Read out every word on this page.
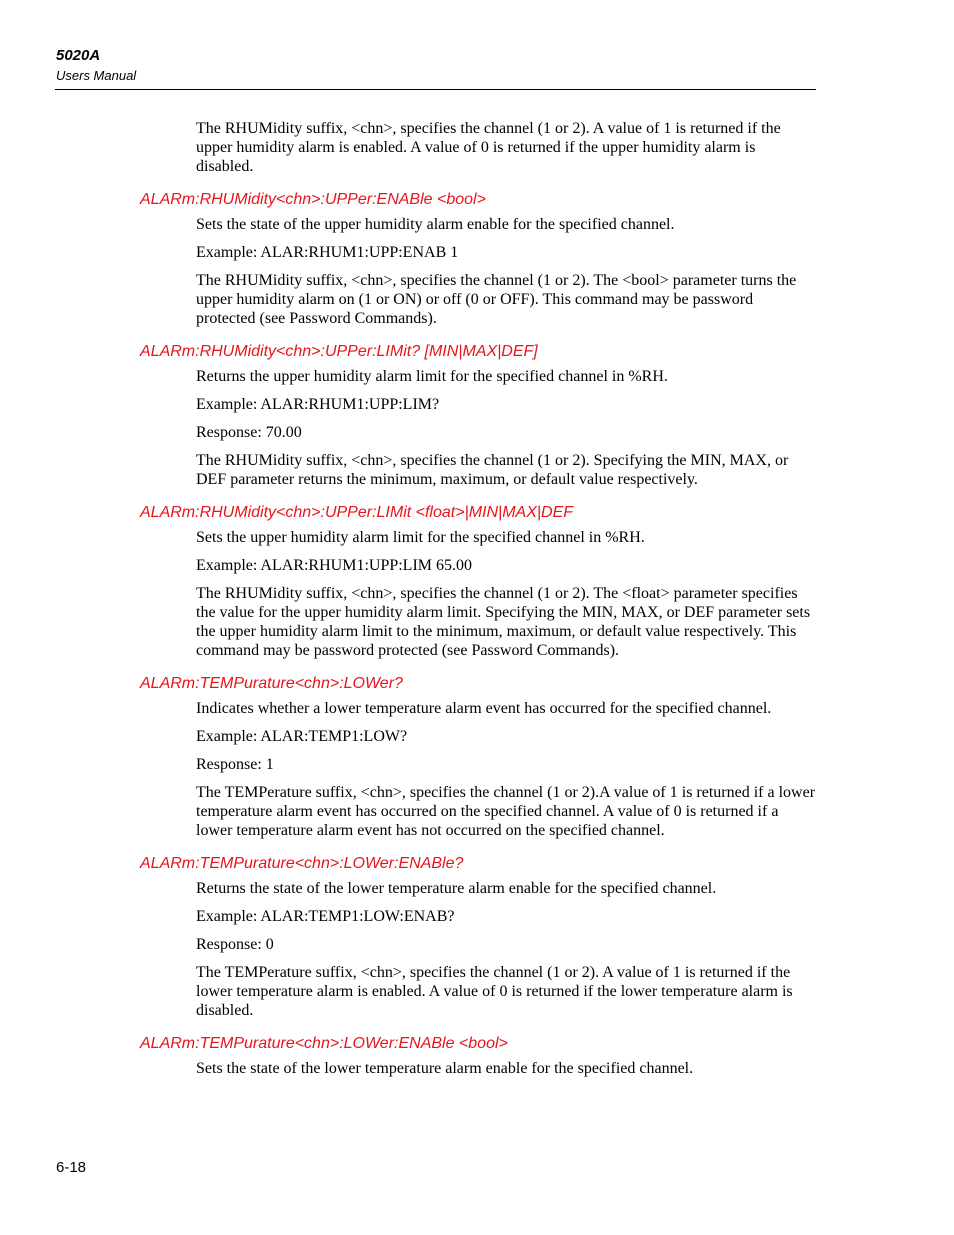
5020A
Users Manual

The RHUMidity suffix, <chn>, specifies the channel (1 or 2). A value of 1 is returned if the upper humidity alarm is enabled. A value of 0 is returned if the upper humidity alarm is disabled.

ALARm:RHUMidity<chn>:UPPer:ENABle <bool>

Sets the state of the upper humidity alarm enable for the specified channel.

Example: ALAR:RHUM1:UPP:ENAB 1

The RHUMidity suffix, <chn>, specifies the channel (1 or 2). The <bool> parameter turns the upper humidity alarm on (1 or ON) or off (0 or OFF). This command may be password protected (see Password Commands).

ALARm:RHUMidity<chn>:UPPer:LIMit? [MIN|MAX|DEF]

Returns the upper humidity alarm limit for the specified channel in %RH.

Example: ALAR:RHUM1:UPP:LIM?

Response: 70.00

The RHUMidity suffix, <chn>, specifies the channel (1 or 2). Specifying the MIN, MAX, or DEF parameter returns the minimum, maximum, or default value respectively.

ALARm:RHUMidity<chn>:UPPer:LIMit <float>|MIN|MAX|DEF

Sets the upper humidity alarm limit for the specified channel in %RH.

Example: ALAR:RHUM1:UPP:LIM 65.00

The RHUMidity suffix, <chn>, specifies the channel (1 or 2). The <float> parameter specifies the value for the upper humidity alarm limit. Specifying the MIN, MAX, or DEF parameter sets the upper humidity alarm limit to the minimum, maximum, or default value respectively. This command may be password protected (see Password Commands).

ALARm:TEMPurature<chn>:LOWer?

Indicates whether a lower temperature alarm event has occurred for the specified channel.

Example: ALAR:TEMP1:LOW?

Response: 1

The TEMPerature suffix, <chn>, specifies the channel (1 or 2).A value of 1 is returned if a lower temperature alarm event has occurred on the specified channel. A value of 0 is returned if a lower temperature alarm event has not occurred on the specified channel.

ALARm:TEMPurature<chn>:LOWer:ENABle?

Returns the state of the lower temperature alarm enable for the specified channel.

Example: ALAR:TEMP1:LOW:ENAB?

Response: 0

The TEMPerature suffix, <chn>, specifies the channel (1 or 2). A value of 1 is returned if the lower temperature alarm is enabled. A value of 0 is returned if the lower temperature alarm is disabled.

ALARm:TEMPurature<chn>:LOWer:ENABle <bool>

Sets the state of the lower temperature alarm enable for the specified channel.

6-18
